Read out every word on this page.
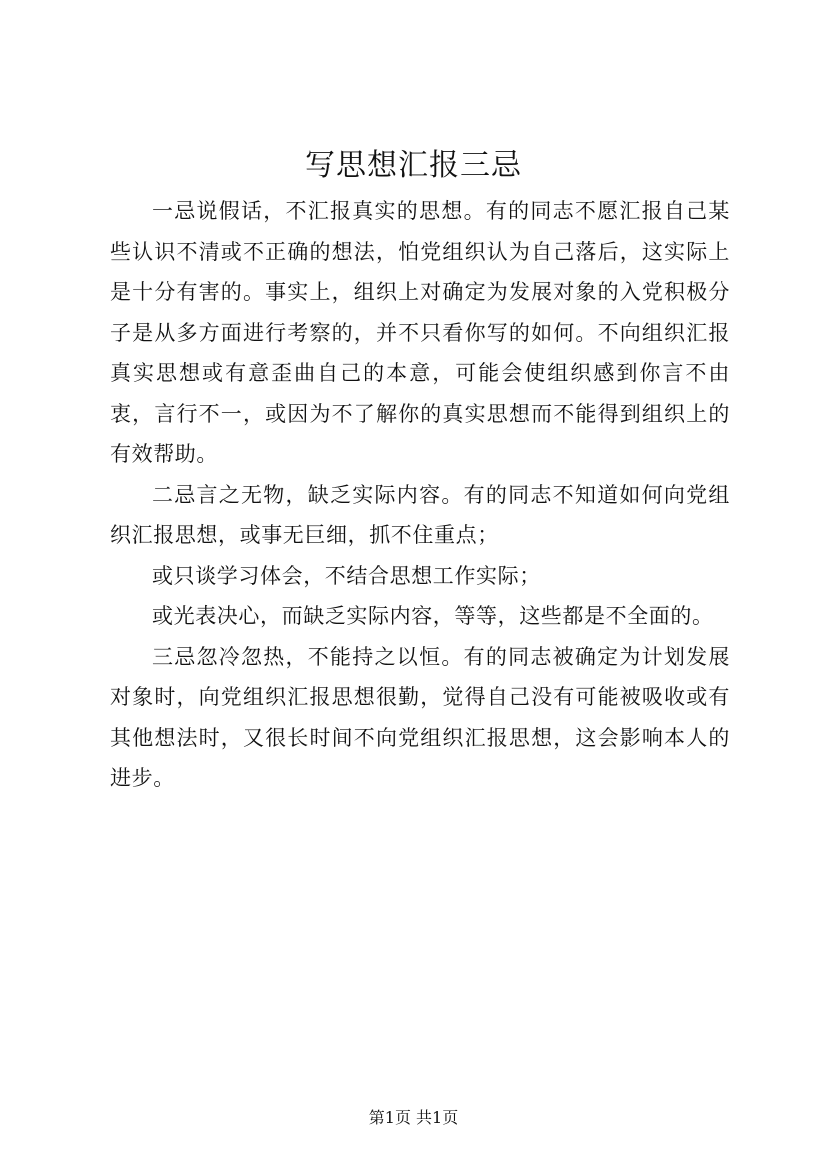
写思想汇报三忌

一忌说假话，不汇报真实的思想。有的同志不愿汇报自己某些认识不清或不正确的想法，怕党组织认为自己落后，这实际上是十分有害的。事实上，组织上对确定为发展对象的入党积极分子是从多方面进行考察的，并不只看你写的如何。不向组织汇报真实思想或有意歪曲自己的本意，可能会使组织感到你言不由衷，言行不一，或因为不了解你的真实思想而不能得到组织上的有效帮助。

二忌言之无物，缺乏实际内容。有的同志不知道如何向党组织汇报思想，或事无巨细，抓不住重点；

或只谈学习体会，不结合思想工作实际；

或光表决心，而缺乏实际内容，等等，这些都是不全面的。

三忌忽冷忽热，不能持之以恒。有的同志被确定为计划发展对象时，向党组织汇报思想很勤，觉得自己没有可能被吸收或有其他想法时，又很长时间不向党组织汇报思想，这会影响本人的进步。

第1页 共1页
